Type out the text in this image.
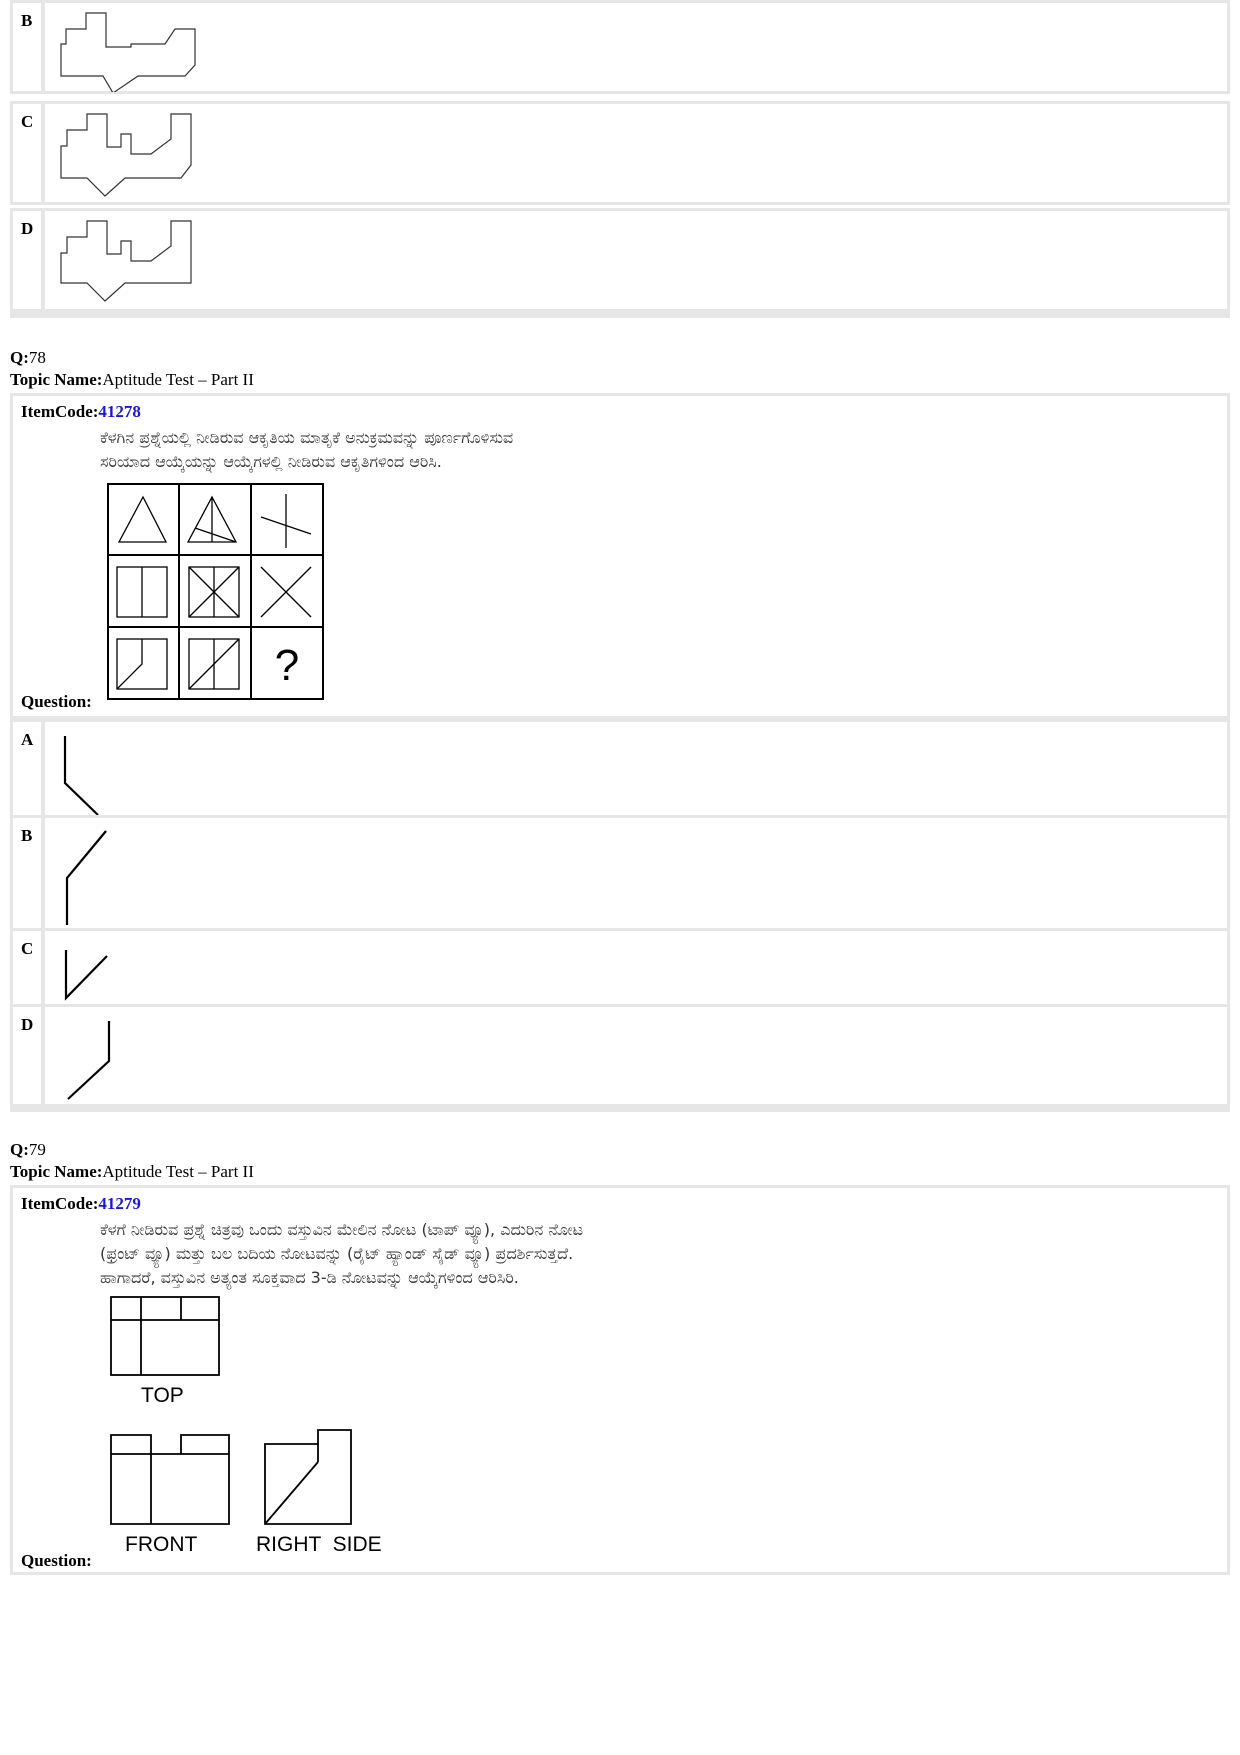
B
C
D
Q:78
Topic Name:Aptitude Test – Part II
ItemCode:41278
ಕೆಳಗಿನ ಪ್ರಶ್ನೆಯಲ್ಲಿ ನೀಡಿರುವ ಆಕೃತಿಯ ಮಾತೃಕೆ ಅನುಕ್ರಮವನ್ನು ಪೂರ್ಣಗೊಳಿಸುವ
ಸರಿಯಾದ ಆಯ್ಕೆಯನ್ನು ಆಯ್ಕೆಗಳಲ್ಲಿ ನೀಡಿರುವ ಆಕೃತಿಗಳಿಂದ ಆರಿಸಿ.
?
Question:
A
B
C
D
Q:79
Topic Name:Aptitude Test – Part II
ItemCode:41279
ಕೆಳಗೆ ನೀಡಿರುವ ಪ್ರಶ್ನೆ ಚಿತ್ರವು ಒಂದು ವಸ್ತುವಿನ ಮೇಲಿನ ನೋಟ (ಟಾಪ್ ವ್ಯೂ), ಎದುರಿನ ನೋಟ
(ಫ್ರಂಟ್ ವ್ಯೂ) ಮತ್ತು ಬಲ ಬದಿಯ ನೋಟವನ್ನು (ರೈಟ್ ಹ್ಯಾಂಡ್ ಸೈಡ್ ವ್ಯೂ) ಪ್ರದರ್ಶಿಸುತ್ತದೆ.
ಹಾಗಾದರೆ, ವಸ್ತುವಿನ ಅತ್ಯಂತ ಸೂಕ್ತವಾದ 3-ಡಿ ನೋಟವನ್ನು ಆಯ್ಕೆಗಳಿಂದ ಆರಿಸಿರಿ.
TOP
FRONT	RIGHT  SIDE
Question:
